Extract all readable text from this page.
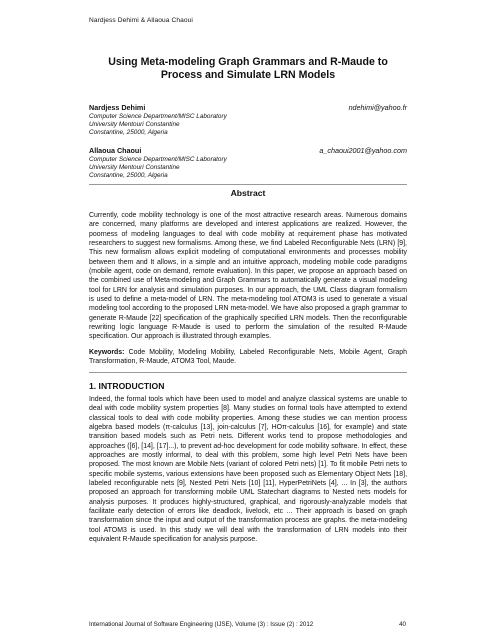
Nardjess Dehimi & Allaoua Chaoui
Using Meta-modeling Graph Grammars and R-Maude to Process and Simulate LRN Models
Nardjess Dehimi	ndehimi@yahoo.fr
Computer Science Department/MISC Laboratory
University Mentouri Constantine
Constantine, 25000, Algeria
Allaoua Chaoui	a_chaoui2001@yahoo.com
Computer Science Department/MISC Laboratory
University Mentouri Constantine
Constantine, 25000, Algeria
Abstract

Currently, code mobility technology is one of the most attractive research areas. Numerous domains are concerned, many platforms are developed and interest applications are realized. However, the poorness of modeling languages to deal with code mobility at requirement phase has motivated researchers to suggest new formalisms. Among these, we find Labeled Reconfigurable Nets (LRN) [9], This new formalism allows explicit modeling of computational environments and processes mobility between them and It allows, in a simple and an intuitive approach, modeling mobile code paradigms (mobile agent, code on demand, remote evaluation). In this paper, we propose an approach based on the combined use of Meta-modeling and Graph Grammars to automatically generate a visual modeling tool for LRN for analysis and simulation purposes. In our approach, the UML Class diagram formalism is used to define a meta-model of LRN. The meta-modeling tool ATOM3 is used to generate a visual modeling tool according to the proposed LRN meta-model. We have also proposed a graph grammar to generate R-Maude [22] specification of the graphically specified LRN models. Then the reconfigurable rewriting logic language R-Maude is used to perform the simulation of the resulted R-Maude specification. Our approach is illustrated through examples.

Keywords: Code Mobility, Modeling Mobility, Labeled Reconfigurable Nets, Mobile Agent, Graph Transformation, R-Maude, ATOM3 Tool, Maude.

1. INTRODUCTION

Indeed, the formal tools which have been used to model and analyze classical systems are unable to deal with code mobility system properties [8]. Many studies on formal tools have attempted to extend classical tools to deal with code mobility properties. Among these studies we can mention process algebra based models (π-calculus [13], join-calculus [7], HOπ-calculus [16], for example) and state transition based models such as Petri nets. Different works tend to propose methodologies and approaches ([6], [14], [17]...), to prevent ad-hoc development for code mobility software. In effect, these approaches are mostly informal, to deal with this problem, some high level Petri Nets have been proposed. The most known are Mobile Nets (variant of colored Petri nets) [1]. To fit mobile Petri nets to specific mobile systems, various extensions have been proposed such as Elementary Object Nets [18], labeled reconfigurable nets [9], Nested Petri Nets [10] [11], HyperPetriNets [4], ... In [3], the authors proposed an approach for transforming mobile UML Statechart diagrams to Nested nets models for analysis purposes. It produces highly-structured, graphical, and rigorously-analyzable models that facilitate early detection of errors like deadlock, livelock, etc ... Their approach is based on graph transformation since the input and output of the transformation process are graphs. the meta-modeling tool ATOM3 is used. In this study we will deal with the transformation of LRN models into their equivalent R-Maude specification for analysis purpose.

International Journal of Software Engineering (IJSE), Volume (3) : Issue (2) : 2012	40
